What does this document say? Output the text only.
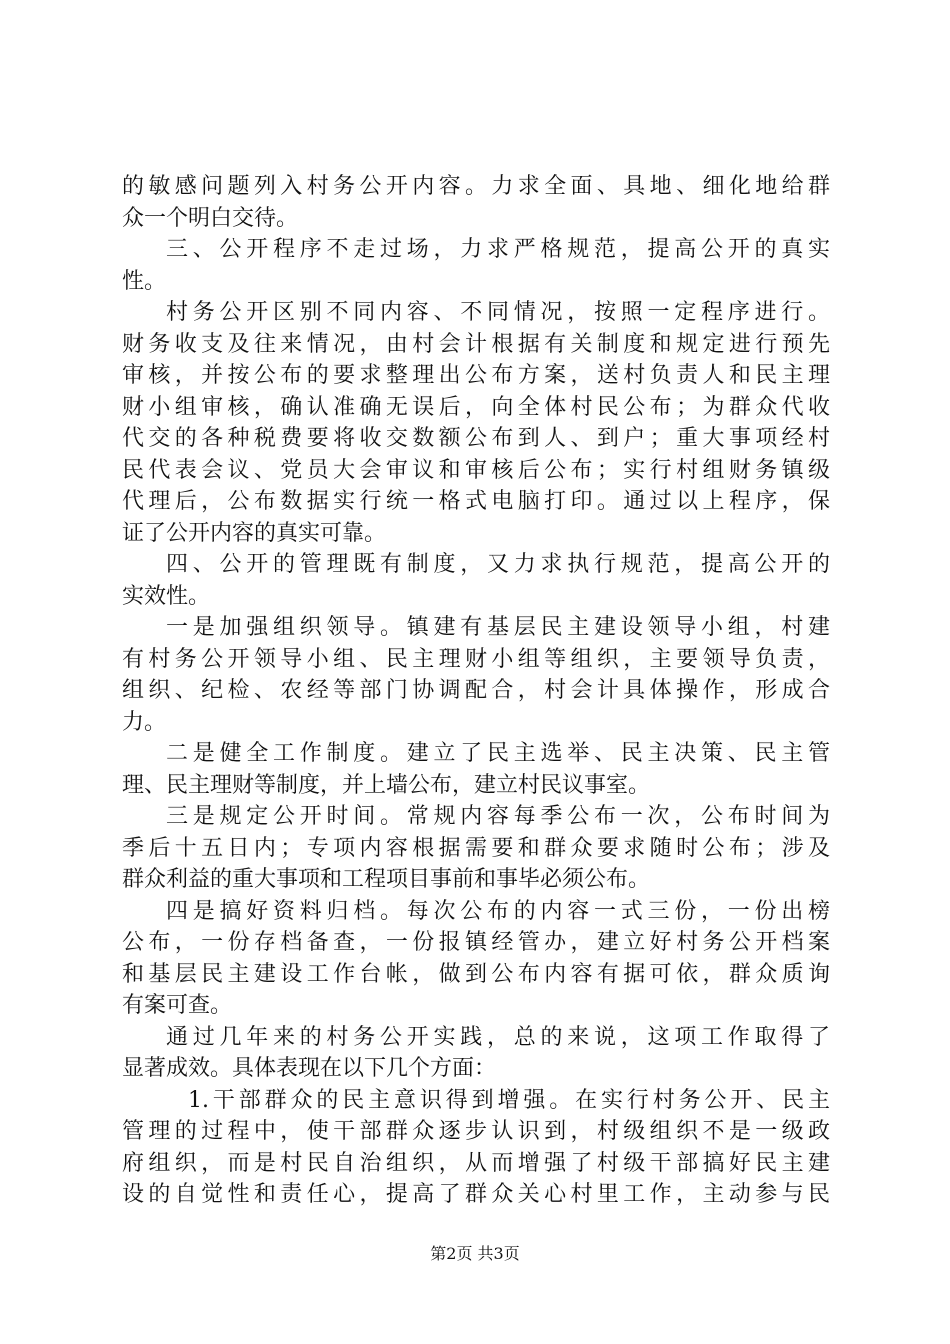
的敏感问题列入村务公开内容。力求全面、具地、细化地给群
众一个明白交待。
三、公开程序不走过场，力求严格规范，提高公开的真实
性。
村务公开区别不同内容、不同情况，按照一定程序进行。
财务收支及往来情况，由村会计根据有关制度和规定进行预先
审核，并按公布的要求整理出公布方案，送村负责人和民主理
财小组审核，确认准确无误后，向全体村民公布；为群众代收
代交的各种税费要将收交数额公布到人、到户；重大事项经村
民代表会议、党员大会审议和审核后公布；实行村组财务镇级
代理后，公布数据实行统一格式电脑打印。通过以上程序，保
证了公开内容的真实可靠。
四、公开的管理既有制度，又力求执行规范，提高公开的
实效性。
一是加强组织领导。镇建有基层民主建设领导小组，村建
有村务公开领导小组、民主理财小组等组织，主要领导负责，
组织、纪检、农经等部门协调配合，村会计具体操作，形成合
力。
二是健全工作制度。建立了民主选举、民主决策、民主管
理、民主理财等制度，并上墙公布，建立村民议事室。
三是规定公开时间。常规内容每季公布一次，公布时间为
季后十五日内；专项内容根据需要和群众要求随时公布；涉及
群众利益的重大事项和工程项目事前和事毕必须公布。
四是搞好资料归档。每次公布的内容一式三份，一份出榜
公布，一份存档备查，一份报镇经管办，建立好村务公开档案
和基层民主建设工作台帐，做到公布内容有据可依，群众质询
有案可查。
通过几年来的村务公开实践，总的来说，这项工作取得了
显著成效。具体表现在以下几个方面：
1.干部群众的民主意识得到增强。在实行村务公开、民主
管理的过程中，使干部群众逐步认识到，村级组织不是一级政
府组织，而是村民自治组织，从而增强了村级干部搞好民主建
设的自觉性和责任心，提高了群众关心村里工作，主动参与民
第2页 共3页
